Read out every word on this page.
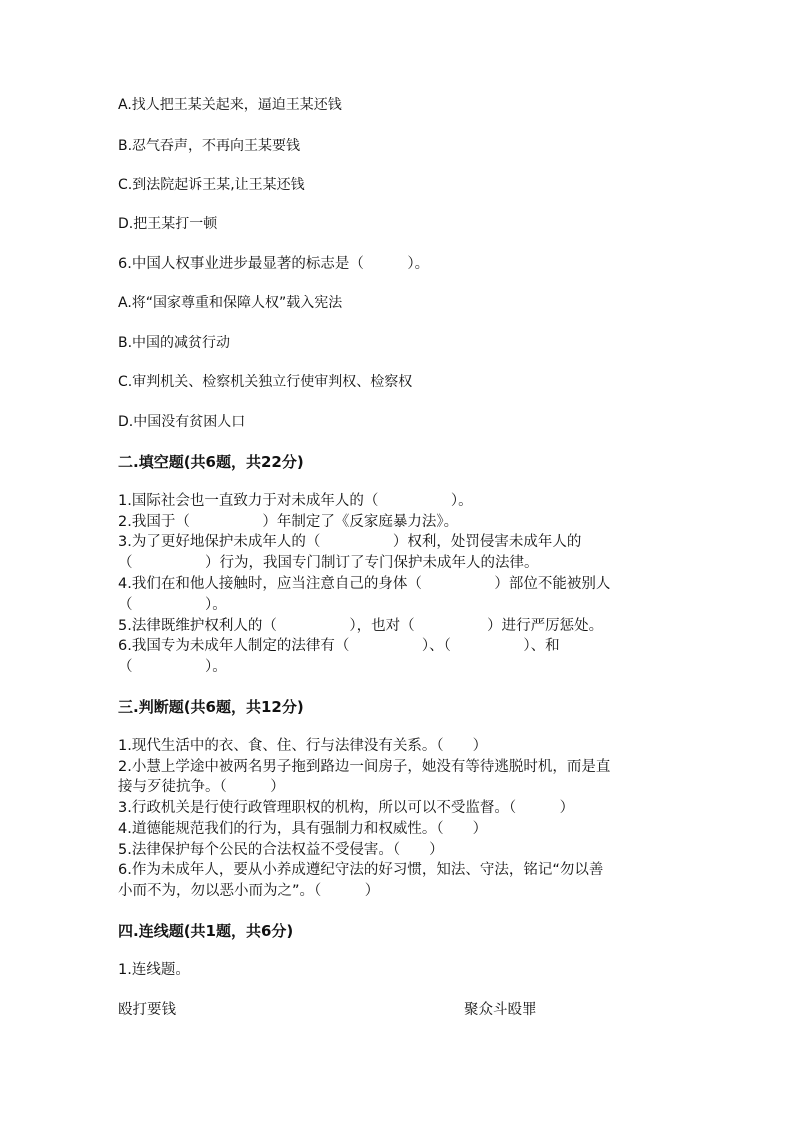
A.找人把王某关起来，逼迫王某还钱
B.忍气吞声，不再向王某要钱
C.到法院起诉王某,让王某还钱
D.把王某打一顿
6.中国人权事业进步最显著的标志是（　　　）。
A.将“国家尊重和保障人权”载入宪法
B.中国的减贫行动
C.审判机关、检察机关独立行使审判权、检察权
D.中国没有贫困人口
二.填空题(共6题，共22分)
1.国际社会也一直致力于对未成年人的（　　　　　）。
2.我国于（　　　　　）年制定了《反家庭暴力法》。
3.为了更好地保护未成年人的（　　　　　）权利，处罚侵害未成年人的
（　　　　　）行为，我国专门制订了专门保护未成年人的法律。
4.我们在和他人接触时，应当注意自己的身体（　　　　　）部位不能被别人
（　　　　　）。
5.法律既维护权利人的（　　　　　），也对（　　　　　）进行严厉惩处。
6.我国专为未成年人制定的法律有（　　　　　）、（　　　　　）、和
（　　　　　）。
三.判断题(共6题，共12分)
1.现代生活中的衣、食、住、行与法律没有关系。（　　）
2.小慧上学途中被两名男子拖到路边一间房子，她没有等待逃脱时机，而是直
接与歹徒抗争。（　　　）
3.行政机关是行使行政管理职权的机构，所以可以不受监督。（　　　）
4.道德能规范我们的行为，具有强制力和权威性。（　　）
5.法律保护每个公民的合法权益不受侵害。（　　）
6.作为未成年人，要从小养成遵纪守法的好习惯，知法、守法，铭记“勿以善
小而不为，勿以恶小而为之”。（　　　）
四.连线题(共1题，共6分)
1.连线题。
殴打要钱	聚众斗殴罪
